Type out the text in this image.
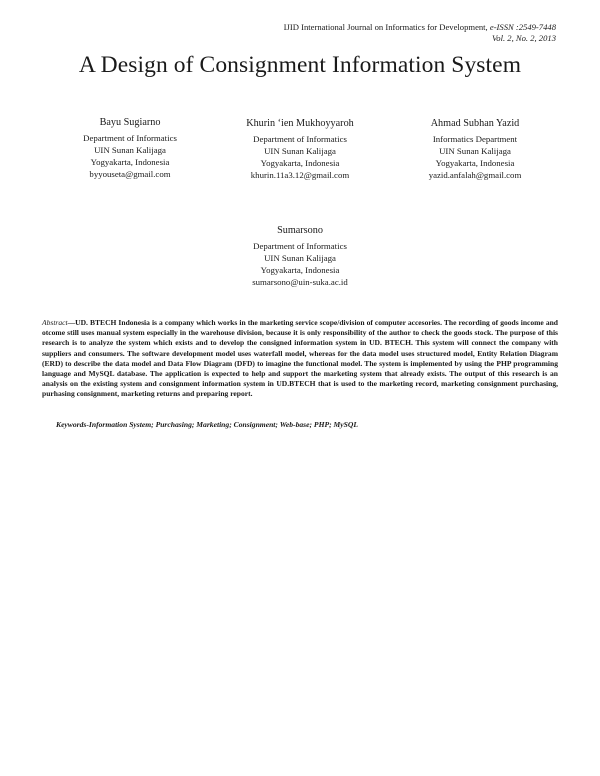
IJID International Journal on Informatics for Development, e-ISSN :2549-7448
Vol. 2, No. 2, 2013
A Design of Consignment Information System
Bayu Sugiarno
Department of Informatics
UIN Sunan Kalijaga
Yogyakarta, Indonesia
byyouseta@gmail.com
Khurin ‘ien Mukhoyyaroh
Department of Informatics
UIN Sunan Kalijaga
Yogyakarta, Indonesia
khurin.11a3.12@gmail.com
Ahmad Subhan Yazid
Informatics Department
UIN Sunan Kalijaga
Yogyakarta, Indonesia
yazid.anfalah@gmail.com
Sumarsono
Department of Informatics
UIN Sunan Kalijaga
Yogyakarta, Indonesia
sumarsono@uin-suka.ac.id

Abstract—UD. BTECH Indonesia is a company which works in the marketing service scope/division of computer accesories. The recording of goods income and otcome still uses manual system especially in the warehouse division, because it is only responsibility of the author to check the goods stock. The purpose of this research is to analyze the system which exists and to develop the consigned information system in UD. BTECH. This system will connect the company with suppliers and consumers. The software development model uses waterfall model, whereas for the data model uses structured model, Entity Relation Diagram (ERD) to describe the data model and Data Flow Diagram (DFD) to imagine the functional model. The system is implemented by using the PHP programming language and MySQL database. The application is expected to help and support the marketing system that already exists. The output of this research is an analysis on the existing system and consignment information system in UD.BTECH that is used to the marketing record, marketing consignment purchasing, purhasing consignment, marketing returns and preparing report.

Keywords-Information System; Purchasing; Marketing; Consignment; Web-base; PHP; MySQL
